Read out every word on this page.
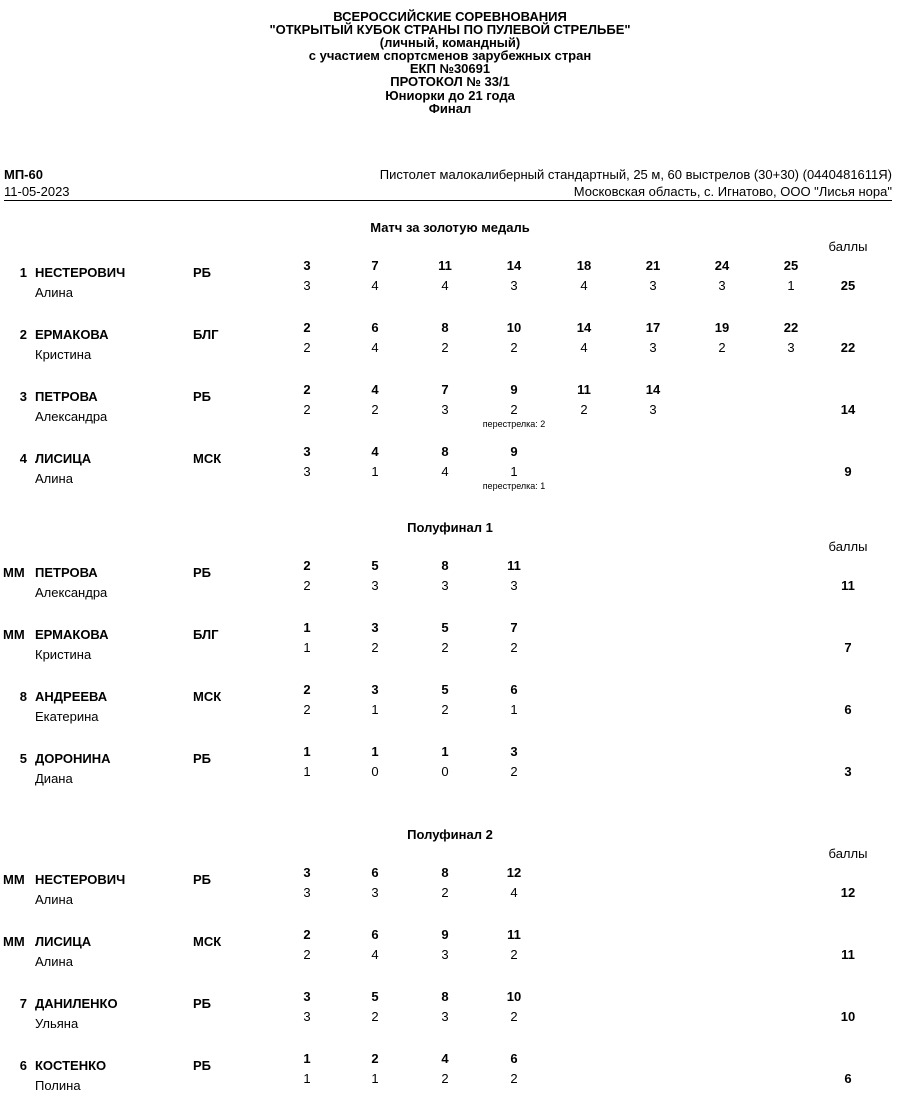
ВСЕРОССИЙСКИЕ СОРЕВНОВАНИЯ
"ОТКРЫТЫЙ КУБОК СТРАНЫ ПО ПУЛЕВОЙ СТРЕЛЬБЕ"
(личный, командный)
с участием спортсменов зарубежных стран
ЕКП №30691
ПРОТОКОЛ № 33/1
Юниорки до 21 года
Финал
МП-60
11-05-2023
Пистолет малокалиберный стандартный, 25 м, 60 выстрелов (30+30) (0440481611Я)
Московская область, с. Игнатово, ООО "Лисья нора"
Матч за золотую медаль
баллы
1 НЕСТЕРОВИЧ
Алина
РБ	3	7	11	14	18	21	24	25
3	4	4	3	4	3	3	1	25
2 ЕРМАКОВА
Кристина
БЛГ	2	6	8	10	14	17	19	22
2	4	2	2	4	3	2	3	22
3 ПЕТРОВА
Александра
РБ	2	4	7	9	11	14
2	2	3	2	2	3
перестрелка: 2
14
4 ЛИСИЦА
Алина
МСК	3	4	8	9
3	1	4	1
перестрелка: 1
9
Полуфинал 1
баллы
ММ ПЕТРОВА
Александра
РБ	2	5	8	11
2	3	3	3	11
ММ ЕРМАКОВА
Кристина
БЛГ	1	3	5	7
1	2	2	2	7
8 АНДРЕЕВА
Екатерина
МСК	2	3	5	6
2	1	2	1	6
5 ДОРОНИНА
Диана
РБ	1	1	1	3
1	0	0	2	3
Полуфинал 2
баллы
ММ НЕСТЕРОВИЧ
Алина
РБ	3	6	8	12
3	3	2	4	12
ММ ЛИСИЦА
Алина
МСК	2	6	9	11
2	4	3	2	11
7 ДАНИЛЕНКО
Ульяна
РБ	3	5	8	10
3	2	3	2	10
6 КОСТЕНКО
Полина
РБ	1	2	4	6
1	1	2	2	6
